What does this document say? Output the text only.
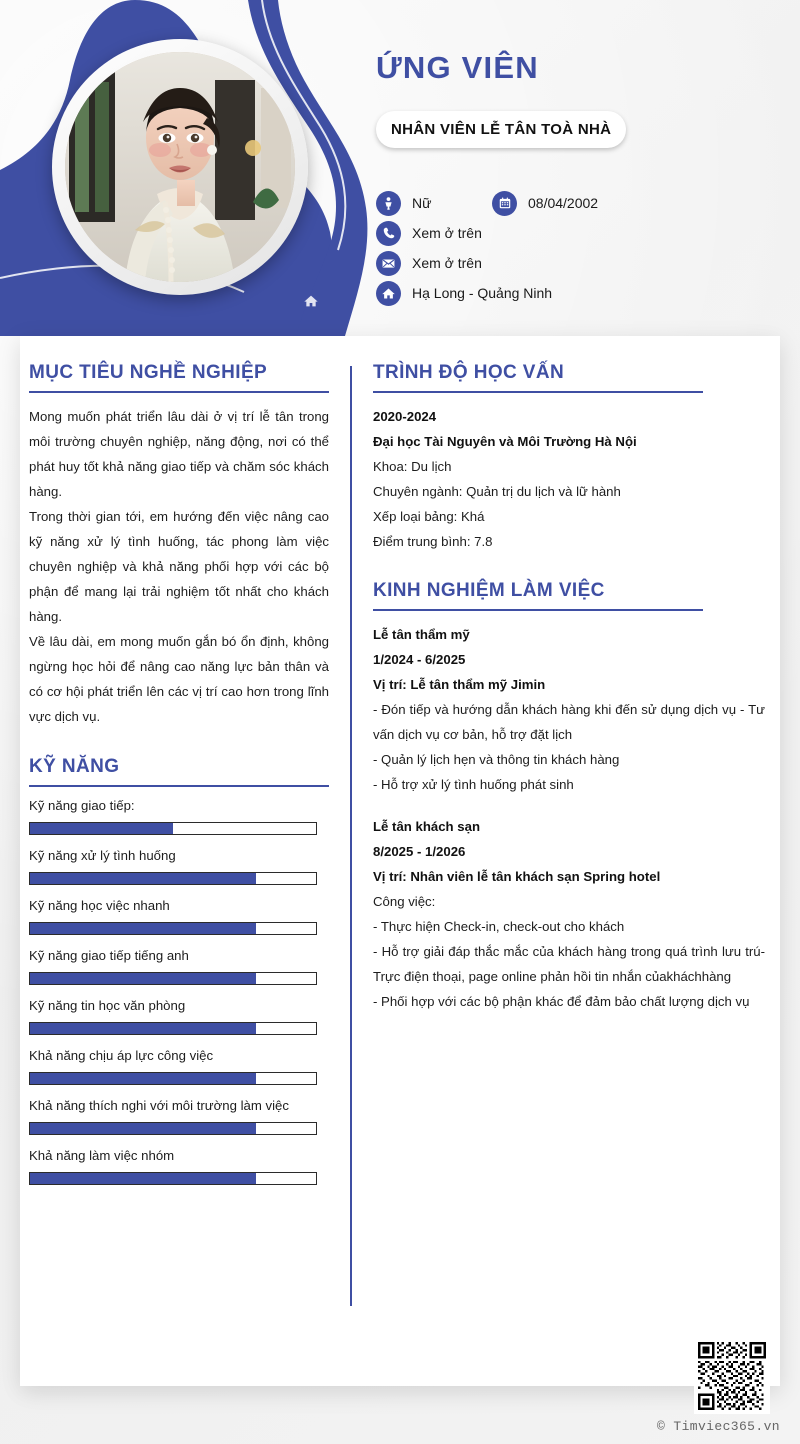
ỨNG VIÊN
NHÂN VIÊN LỄ TÂN TOÀ NHÀ
Nữ	08/04/2002
Xem ở trên
Xem ở trên
Hạ Long - Quảng Ninh
MỤC TIÊU NGHỀ NGHIỆP
Mong muốn phát triển lâu dài ở vị trí lễ tân trong môi trường chuyên nghiệp, năng động, nơi có thể phát huy tốt khả năng giao tiếp và chăm sóc khách hàng.
Trong thời gian tới, em hướng đến việc nâng cao kỹ năng xử lý tình huống, tác phong làm việc chuyên nghiệp và khả năng phối hợp với các bộ phận để mang lại trải nghiệm tốt nhất cho khách hàng.
Về lâu dài, em mong muốn gắn bó ổn định, không ngừng học hỏi để nâng cao năng lực bản thân và có cơ hội phát triển lên các vị trí cao hơn trong lĩnh vực dịch vụ.
KỸ NĂNG
Kỹ năng giao tiếp:
Kỹ năng xử lý tình huống
Kỹ năng học việc nhanh
Kỹ năng giao tiếp tiếng anh
Kỹ năng tin học văn phòng
Khả năng chịu áp lực công việc
Khả năng thích nghi với môi trường làm việc
Khả năng làm việc nhóm
TRÌNH ĐỘ HỌC VẤN
2020-2024
Đại học Tài Nguyên và Môi Trường Hà Nội
Khoa: Du lịch
Chuyên ngành: Quản trị du lịch và lữ hành
Xếp loại bảng: Khá
Điểm trung bình: 7.8
KINH NGHIỆM LÀM VIỆC
Lễ tân thẩm mỹ
1/2024 - 6/2025
Vị trí: Lễ tân thẩm mỹ Jimin
- Đón tiếp và hướng dẫn khách hàng khi đến sử dụng dịch vụ - Tư vấn dịch vụ cơ bản, hỗ trợ đặt lịch
- Quản lý lịch hẹn và thông tin khách hàng
- Hỗ trợ xử lý tình huống phát sinh
Lễ tân khách sạn
8/2025 - 1/2026
Vị trí: Nhân viên lễ tân khách sạn Spring hotel
Công việc:
- Thực hiện Check-in, check-out cho khách
- Hỗ trợ giải đáp thắc mắc của khách hàng trong quá trình lưu trú- Trực điện thoại, page online phản hồi tin nhắn củakháchhàng
- Phối hợp với các bộ phận khác để đảm bảo chất lượng dịch vụ
© Timviec365.vn
